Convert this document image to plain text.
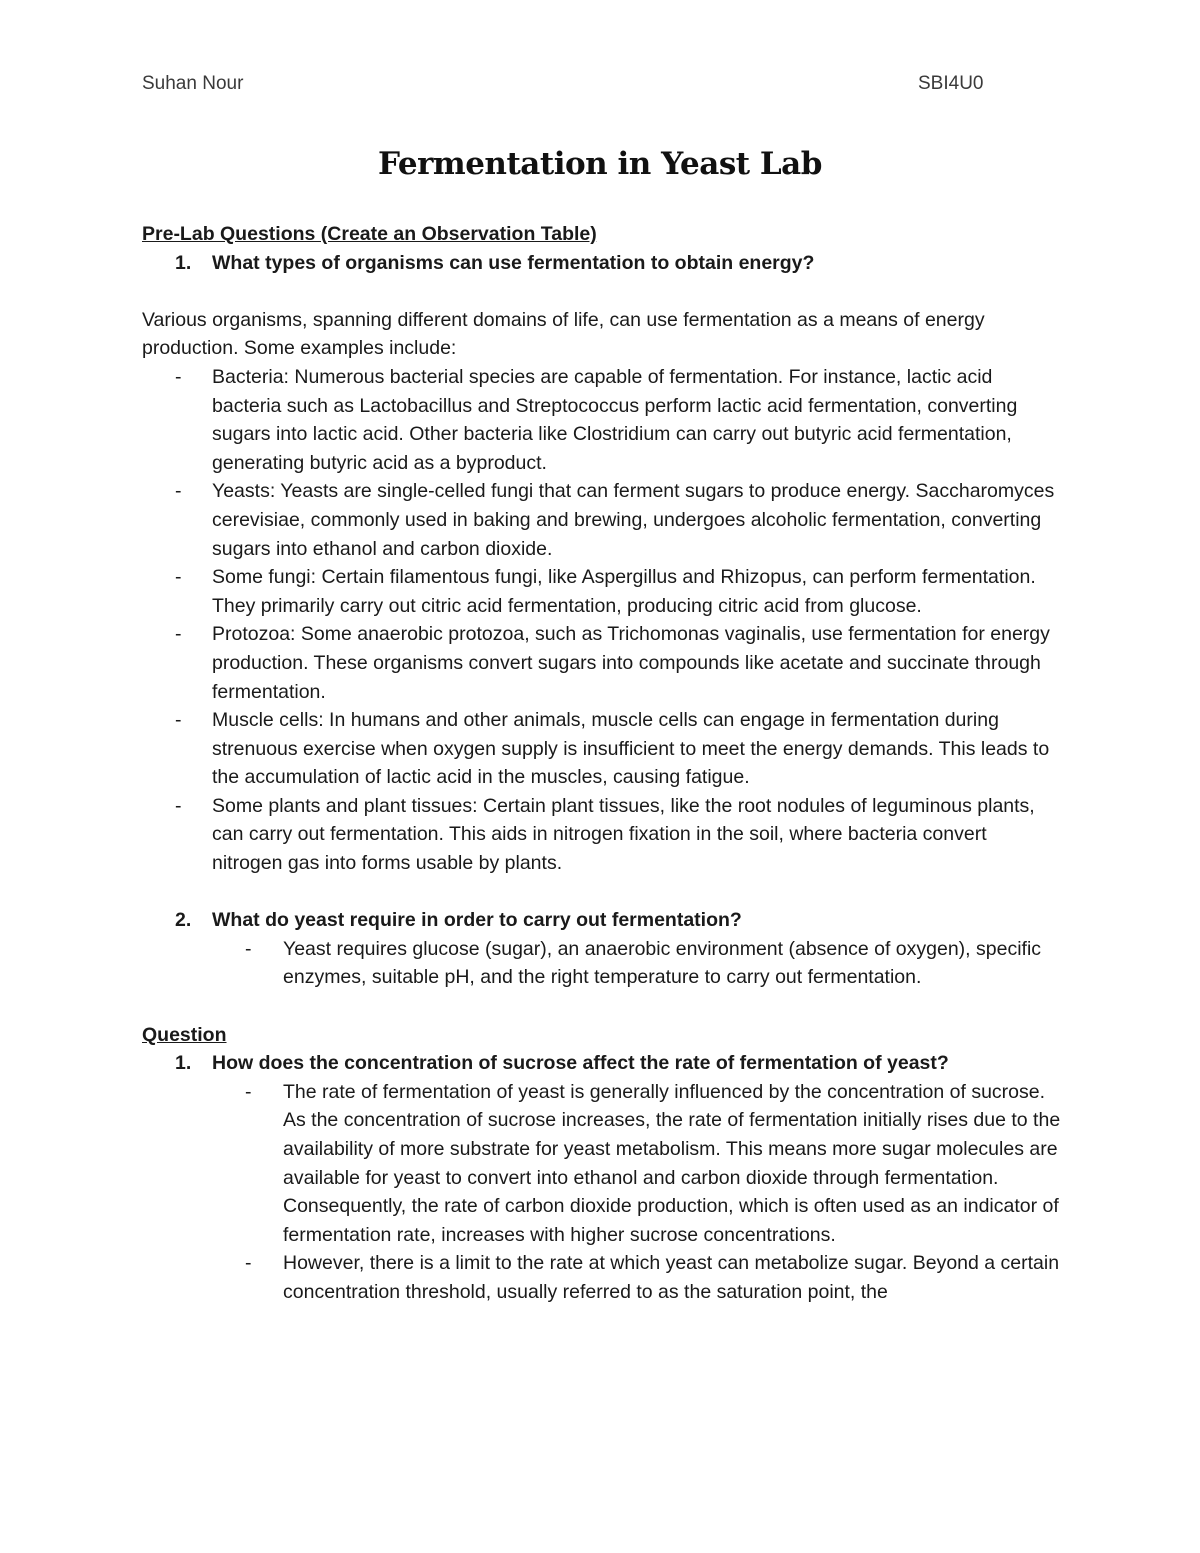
Suhan Nour	SBI4U0
Fermentation in Yeast Lab

Pre-Lab Questions (Create an Observation Table)

1.	What types of organisms can use fermentation to obtain energy?

Various organisms, spanning different domains of life, can use fermentation as a means of energy production. Some examples include:

-	Bacteria: Numerous bacterial species are capable of fermentation. For instance, lactic acid bacteria such as Lactobacillus and Streptococcus perform lactic acid fermentation, converting sugars into lactic acid. Other bacteria like Clostridium can carry out butyric acid fermentation, generating butyric acid as a byproduct.
-	Yeasts: Yeasts are single-celled fungi that can ferment sugars to produce energy. Saccharomyces cerevisiae, commonly used in baking and brewing, undergoes alcoholic fermentation, converting sugars into ethanol and carbon dioxide.
-	Some fungi: Certain filamentous fungi, like Aspergillus and Rhizopus, can perform fermentation. They primarily carry out citric acid fermentation, producing citric acid from glucose.
-	Protozoa: Some anaerobic protozoa, such as Trichomonas vaginalis, use fermentation for energy production. These organisms convert sugars into compounds like acetate and succinate through fermentation.
-	Muscle cells: In humans and other animals, muscle cells can engage in fermentation during strenuous exercise when oxygen supply is insufficient to meet the energy demands. This leads to the accumulation of lactic acid in the muscles, causing fatigue.
-	Some plants and plant tissues: Certain plant tissues, like the root nodules of leguminous plants, can carry out fermentation. This aids in nitrogen fixation in the soil, where bacteria convert nitrogen gas into forms usable by plants.
2.	What do yeast require in order to carry out fermentation?
-	Yeast requires glucose (sugar), an anaerobic environment (absence of oxygen), specific enzymes, suitable pH, and the right temperature to carry out fermentation.

Question

1.	How does the concentration of sucrose affect the rate of fermentation of yeast?
-	The rate of fermentation of yeast is generally influenced by the concentration of sucrose. As the concentration of sucrose increases, the rate of fermentation initially rises due to the availability of more substrate for yeast metabolism. This means more sugar molecules are available for yeast to convert into ethanol and carbon dioxide through fermentation. Consequently, the rate of carbon dioxide production, which is often used as an indicator of fermentation rate, increases with higher sucrose concentrations.
-	However, there is a limit to the rate at which yeast can metabolize sugar. Beyond a certain concentration threshold, usually referred to as the saturation point, the
